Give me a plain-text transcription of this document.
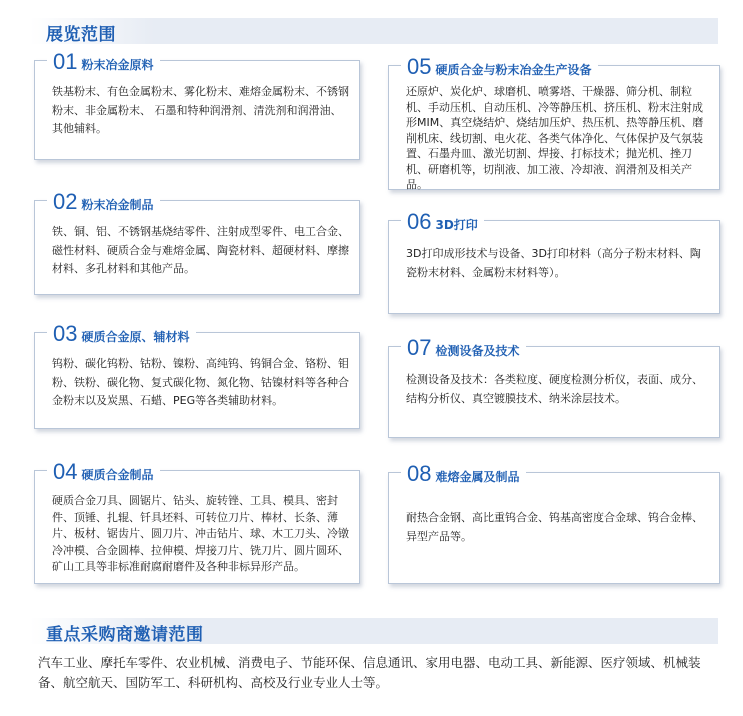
展览范围
01 粉末冶金原料
铁基粉末、有色金属粉末、雾化粉末、难熔金属粉末、不锈钢粉末、非金属粉末、 石墨和特种润滑剂、清洗剂和润滑油、其他辅料。
02 粉末冶金制品
铁、铜、铝、不锈钢基烧结零件、注射成型零件、电工合金、磁性材料、硬质合金与难熔金属、陶瓷材料、超硬材料、摩擦材料、多孔材料和其他产品。
03 硬质合金原、辅材料
钨粉、碳化钨粉、钴粉、镍粉、高纯钨、钨铜合金、铬粉、钼粉、铁粉、碳化物、复式碳化物、氮化物、钴镍材料等各种合金粉末以及炭黑、石蜡、PEG等各类辅助材料。
04 硬质合金制品
硬质合金刀具、圆锯片、钻头、旋转锉、工具、模具、密封件、顶锤、扎辊、钎具坯料、可转位刀片、棒材、长条、薄片、板材、锯齿片、圆刀片、冲击钻片、球、木工刀头、冷镦冷冲模、合金圆棒、拉伸模、焊接刀片、铣刀片、圆片圆环、矿山工具等非标准耐腐耐磨件及各种非标异形产品。
05 硬质合金与粉末冶金生产设备
还原炉、炭化炉、球磨机、喷雾塔、干燥器、筛分机、制粒机、手动压机、自动压机、冷等静压机、挤压机、粉末注射成形MIM、真空烧结炉、烧结加压炉、热压机、热等静压机、磨削机床、线切割、电火花、各类气体净化、气体保护及气氛装置、石墨舟皿、激光切割、焊接、打标技术；抛光机、挫刀机、研磨机等，切削液、加工液、冷却液、润滑剂及相关产品。
06 3D打印
3D打印成形技术与设备、3D打印材料（高分子粉末材料、陶瓷粉末材料、金属粉末材料等）。
07 检测设备及技术
检测设备及技术：各类粒度、硬度检测分析仪，表面、成分、结构分析仪、真空镀膜技术、纳米涂层技术。
08 难熔金属及制品
耐热合金钢、高比重钨合金、钨基高密度合金球、钨合金棒、异型产品等。
重点采购商邀请范围
汽车工业、摩托车零件、农业机械、消费电子、节能环保、信息通讯、家用电器、电动工具、新能源、医疗领域、机械装备、航空航天、国防军工、科研机构、高校及行业专业人士等。
